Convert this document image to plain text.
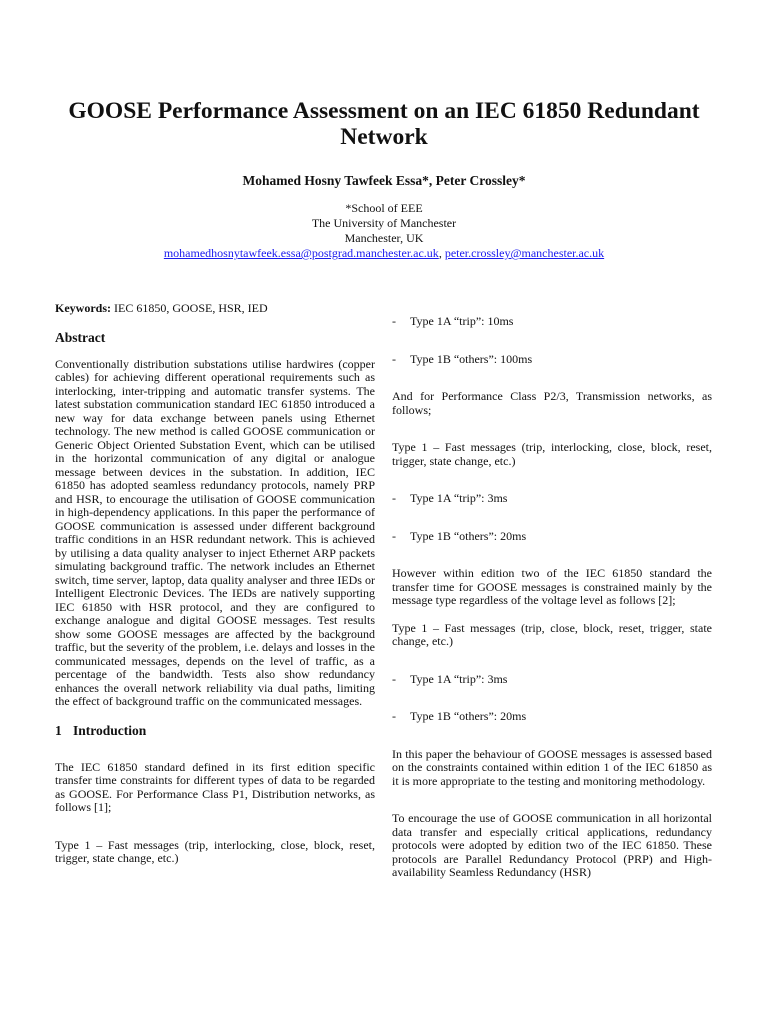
GOOSE Performance Assessment on an IEC 61850 Redundant Network
Mohamed Hosny Tawfeek Essa*, Peter Crossley*
*School of EEE
The University of Manchester
Manchester, UK
mohamedhosnytawfeek.essa@postgrad.manchester.ac.uk, peter.crossley@manchester.ac.uk

Keywords: IEC 61850, GOOSE, HSR, IED

Abstract

Conventionally distribution substations utilise hardwires (copper cables) for achieving different operational requirements such as interlocking, inter-tripping and automatic transfer systems. The latest substation communication standard IEC 61850 introduced a new way for data exchange between panels using Ethernet technology. The new method is called GOOSE communication or Generic Object Oriented Substation Event, which can be utilised in the horizontal communication of any digital or analogue message between devices in the substation. In addition, IEC 61850 has adopted seamless redundancy protocols, namely PRP and HSR, to encourage the utilisation of GOOSE communication in high-dependency applications. In this paper the performance of GOOSE communication is assessed under different background traffic conditions in an HSR redundant network. This is achieved by utilising a data quality analyser to inject Ethernet ARP packets simulating background traffic. The network includes an Ethernet switch, time server, laptop, data quality analyser and three IEDs or Intelligent Electronic Devices. The IEDs are natively supporting IEC 61850 with HSR protocol, and they are configured to exchange analogue and digital GOOSE messages. Test results show some GOOSE messages are affected by the background traffic, but the severity of the problem, i.e. delays and losses in the communicated messages, depends on the level of traffic, as a percentage of the bandwidth. Tests also show redundancy enhances the overall network reliability via dual paths, limiting the effect of background traffic on the communicated messages.

1 Introduction

The IEC 61850 standard defined in its first edition specific transfer time constraints for different types of data to be regarded as GOOSE. For Performance Class P1, Distribution networks, as follows [1];

Type 1 – Fast messages (trip, interlocking, close, block, reset, trigger, state change, etc.)

-	Type 1A “trip”: 10ms
-	Type 1B “others”: 100ms

And for Performance Class P2/3, Transmission networks, as follows;

Type 1 – Fast messages (trip, interlocking, close, block, reset, trigger, state change, etc.)

-	Type 1A “trip”: 3ms
-	Type 1B “others”: 20ms

However within edition two of the IEC 61850 standard the transfer time for GOOSE messages is constrained mainly by the message type regardless of the voltage level as follows [2];

Type 1 – Fast messages (trip, close, block, reset, trigger, state change, etc.)

-	Type 1A “trip”: 3ms
-	Type 1B “others”: 20ms

In this paper the behaviour of GOOSE messages is assessed based on the constraints contained within edition 1 of the IEC 61850 as it is more appropriate to the testing and monitoring methodology.

To encourage the use of GOOSE communication in all horizontal data transfer and especially critical applications, redundancy protocols were adopted by edition two of the IEC 61850. These protocols are Parallel Redundancy Protocol (PRP) and High-availability Seamless Redundancy (HSR)
